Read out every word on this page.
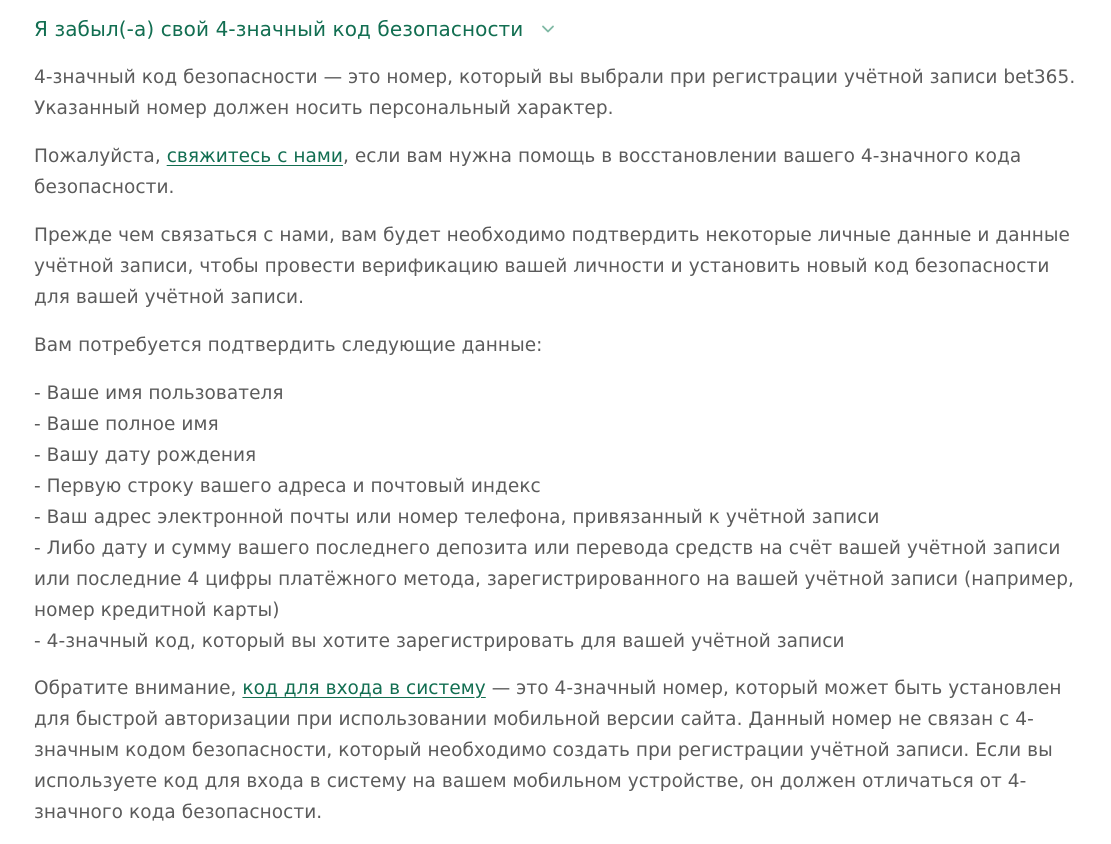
Я забыл(-а) свой 4-значный код безопасности

4-значный код безопасности — это номер, который вы выбрали при регистрации учётной записи bet365. Указанный номер должен носить персональный характер.

Пожалуйста, свяжитесь с нами, если вам нужна помощь в восстановлении вашего 4-значного кода безопасности.

Прежде чем связаться с нами, вам будет необходимо подтвердить некоторые личные данные и данные учётной записи, чтобы провести верификацию вашей личности и установить новый код безопасности для вашей учётной записи.

Вам потребуется подтвердить следующие данные:

- Ваше имя пользователя
- Ваше полное имя
- Вашу дату рождения
- Первую строку вашего адреса и почтовый индекс
- Ваш адрес электронной почты или номер телефона, привязанный к учётной записи
- Либо дату и сумму вашего последнего депозита или перевода средств на счёт вашей учётной записи или последние 4 цифры платёжного метода, зарегистрированного на вашей учётной записи (например, номер кредитной карты)
- 4-значный код, который вы хотите зарегистрировать для вашей учётной записи

Обратите внимание, код для входа в систему — это 4-значный номер, который может быть установлен для быстрой авторизации при использовании мобильной версии сайта. Данный номер не связан с 4-значным кодом безопасности, который необходимо создать при регистрации учётной записи. Если вы используете код для входа в систему на вашем мобильном устройстве, он должен отличаться от 4-значного кода безопасности.
